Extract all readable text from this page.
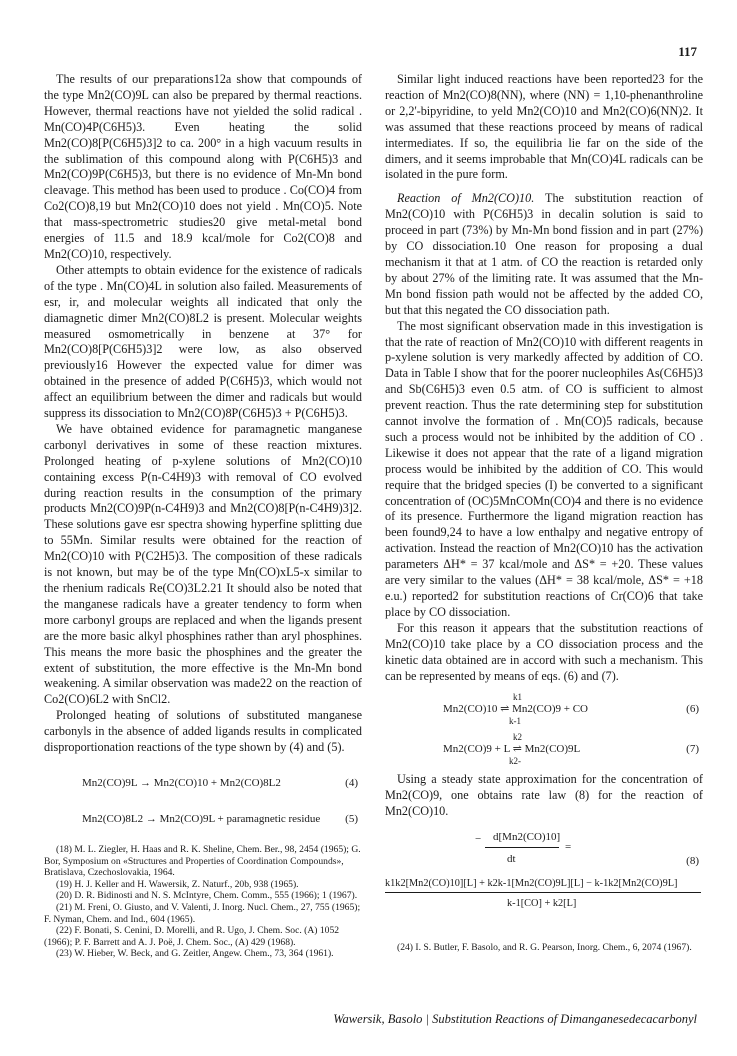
117

The results of our preparations12a show that compounds of the type Mn2(CO)9L can also be prepared by thermal reactions. However, thermal reactions have not yielded the solid radical . Mn(CO)4P(C6H5)3. Even heating the solid Mn2(CO)8[P(C6H5)3]2 to ca. 200° in a high vacuum results in the sublimation of this compound along with P(C6H5)3 and Mn2(CO)9P(C6H5)3, but there is no evidence of Mn-Mn bond cleavage. This method has been used to produce . Co(CO)4 from Co2(CO)8,19 but Mn2(CO)10 does not yield . Mn(CO)5. Note that mass-spectrometric studies20 give metal-metal bond energies of 11.5 and 18.9 kcal/mole for Co2(CO)8 and Mn2(CO)10, respectively.

Other attempts to obtain evidence for the existence of radicals of the type . Mn(CO)4L in solution also failed. Measurements of esr, ir, and molecular weights all indicated that only the diamagnetic dimer Mn2(CO)8L2 is present. Molecular weights measured osmometrically in benzene at 37° for Mn2(CO)8[P(C6H5)3]2 were low, as also observed previously16 However the expected value for dimer was obtained in the presence of added P(C6H5)3, which would not affect an equilibrium between the dimer and radicals but would suppress its dissociation to Mn2(CO)8P(C6H5)3 + P(C6H5)3.

We have obtained evidence for paramagnetic manganese carbonyl derivatives in some of these reaction mixtures. Prolonged heating of p-xylene solutions of Mn2(CO)10 containing excess P(n-C4H9)3 with removal of CO evolved during reaction results in the consumption of the primary products Mn2(CO)9P(n-C4H9)3 and Mn2(CO)8[P(n-C4H9)3]2. These solutions gave esr spectra showing hyperfine splitting due to 55Mn. Similar results were obtained for the reaction of Mn2(CO)10 with P(C2H5)3. The composition of these radicals is not known, but may be of the type Mn(CO)xL5-x similar to the rhenium radicals Re(CO)3L2.21 It should also be noted that the manganese radicals have a greater tendency to form when more carbonyl groups are replaced and when the ligands present are the more basic alkyl phosphines rather than aryl phosphines. This means the more basic the phosphines and the greater the extent of substitution, the more effective is the Mn-Mn bond weakening. A similar observation was made22 on the reaction of Co2(CO)6L2 with SnCl2.

Prolonged heating of solutions of substituted manganese carbonyls in the absence of added ligands results in complicated disproportionation reactions of the type shown by (4) and (5).

Mn2(CO)9L → Mn2(CO)10 + Mn2(CO)8L2	(4)
Mn2(CO)8L2 → Mn2(CO)9L + paramagnetic residue (5)

(18) M. L. Ziegler, H. Haas and R. K. Sheline, Chem. Ber., 98, 2454 (1965); G. Bor, Symposium on «Structures and Properties of Coordination Compounds», Bratislava, Czechoslovakia, 1964.

(19) H. J. Keller and H. Wawersik, Z. Naturf., 20b, 938 (1965).

(20) D. R. Bidinosti and N. S. McIntyre, Chem. Comm., 555 (1966); 1 (1967).

(21) M. Freni, O. Giusto, and V. Valenti, J. Inorg. Nucl. Chem., 27, 755 (1965); F. Nyman, Chem. and Ind., 604 (1965).

(22) F. Bonati, S. Cenini, D. Morelli, and R. Ugo, J. Chem. Soc. (A) 1052 (1966); P. F. Barrett and A. J. Poë, J. Chem. Soc., (A) 429 (1968).

(23) W. Hieber, W. Beck, and G. Zeitler, Angew. Chem., 73, 364 (1961).

Similar light induced reactions have been reported23 for the reaction of Mn2(CO)8(NN), where (NN) = 1,10-phenanthroline or 2,2'-bipyridine, to yeld Mn2(CO)10 and Mn2(CO)6(NN)2. It was assumed that these reactions proceed by means of radical intermediates. If so, the equilibria lie far on the side of the dimers, and it seems improbable that Mn(CO)4L radicals can be isolated in the pure form.

Reaction of Mn2(CO)10. The substitution reaction of Mn2(CO)10 with P(C6H5)3 in decalin solution is said to proceed in part (73%) by Mn-Mn bond fission and in part (27%) by CO dissociation.10 One reason for proposing a dual mechanism it that at 1 atm. of CO the reaction is retarded only by about 27% of the limiting rate. It was assumed that the Mn-Mn bond fission path would not be affected by the added CO, but that this negated the CO dissociation path.

The most significant observation made in this investigation is that the rate of reaction of Mn2(CO)10 with different reagents in p-xylene solution is very markedly affected by addition of CO. Data in Table I show that for the poorer nucleophiles As(C6H5)3 and Sb(C6H5)3 even 0.5 atm. of CO is sufficient to almost prevent reaction. Thus the rate determining step for substitution cannot involve the formation of . Mn(CO)5 radicals, because such a process would not be inhibited by the addition of CO . Likewise it does not appear that the rate of a ligand migration process would be inhibited by the addition of CO. This would require that the bridged species (I) be converted to a significant concentration of (OC)5MnCOMn(CO)4 and there is no evidence of its presence. Furthermore the ligand migration reaction has been found9,24 to have a low enthalpy and negative entropy of activation. Instead the reaction of Mn2(CO)10 has the activation parameters ΔH* = 37 kcal/mole and ΔS* = +20. These values are very similar to the values (ΔH* = 38 kcal/mole, ΔS* = +18 e.u.) reported2 for substitution reactions of Cr(CO)6 that take place by CO dissociation.

For this reason it appears that the substitution reactions of Mn2(CO)10 take place by a CO dissociation process and the kinetic data obtained are in accord with such a mechanism. This can be represented by means of eqs. (6) and (7).

k1
Mn2(CO)10 ⇌ Mn2(CO)9 + CO
k-1
(6)
k2
Mn2(CO)9 + L ⇌ Mn2(CO)9L
k2-
(7)

Using a steady state approximation for the concentration of Mn2(CO)9, one obtains rate law (8) for the reaction of Mn2(CO)10.

− d[Mn2(CO)10]
dt
=
(8)
k1k2[Mn2(CO)10][L] + k2k-1[Mn2(CO)9L][L] − k-1k2[Mn2(CO)9L]
k-1[CO] + k2[L]

(24) I. S. Butler, F. Basolo, and R. G. Pearson, Inorg. Chem., 6, 2074 (1967).

Wawersik, Basolo | Substitution Reactions of Dimanganesedecacarbonyl
